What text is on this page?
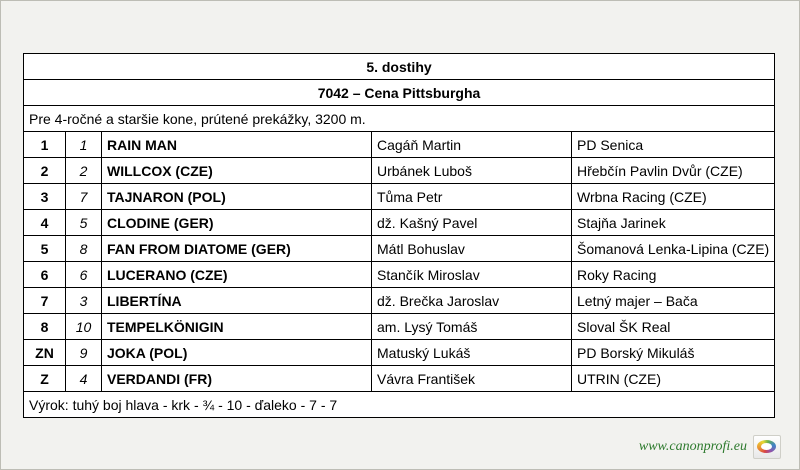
5. dostihy				
7042 – Cena Pittsburgha				
Pre 4-ročné a staršie kone, prútené prekážky, 3200 m.				
1	1	RAIN MAN	Cagáň Martin	PD Senica
2	2	WILLCOX (CZE)	Urbánek Luboš	Hřebčín Pavlin Dvůr (CZE)
3	7	TAJNARON (POL)	Tůma Petr	Wrbna Racing (CZE)
4	5	CLODINE (GER)	dž. Kašný Pavel	Stajňa Jarinek
5	8	FAN FROM DIATOME (GER)	Mátl Bohuslav	Šomanová Lenka-Lipina (CZE)
6	6	LUCERANO (CZE)	Stančík Miroslav	Roky Racing
7	3	LIBERTÍNA	dž. Brečka Jaroslav	Letný majer – Bača
8	10	TEMPELKÖNIGIN	am. Lysý Tomáš	Sloval ŠK Real
ZN	9	JOKA (POL)	Matuský Lukáš	PD Borský Mikuláš
Z	4	VERDANDI (FR)	Vávra František	UTRIN (CZE)
Výrok: tuhý boj hlava - krk - ¾ - 10 - ďaleko - 7 - 7				
www.canonprofi.eu
